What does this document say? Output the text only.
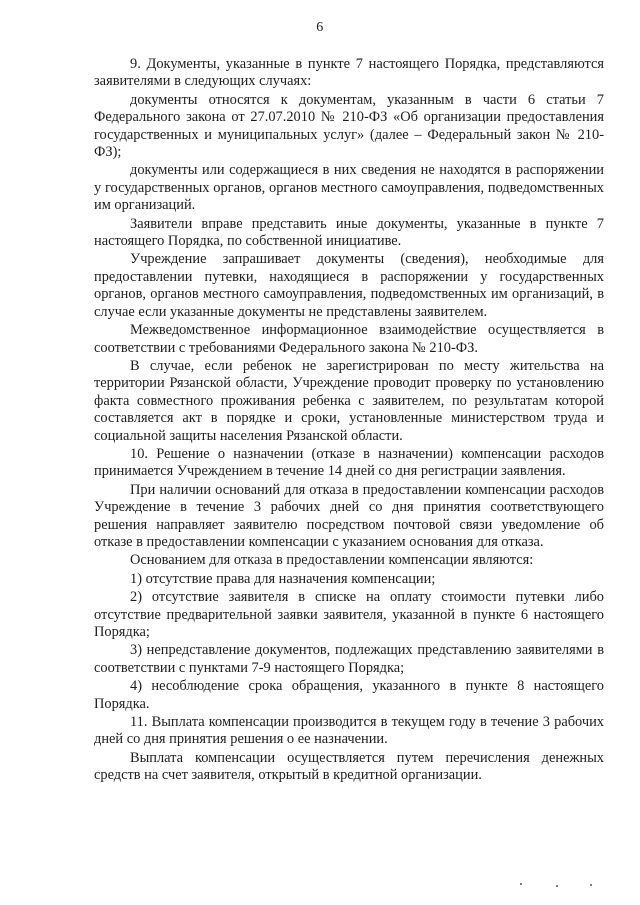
6

9. Документы, указанные в пункте 7 настоящего Порядка, представляются заявителями в следующих случаях:

документы относятся к документам, указанным в части 6 статьи 7 Федерального закона от 27.07.2010 № 210-ФЗ «Об организации предоставления государственных и муниципальных услуг» (далее – Федеральный закон № 210-ФЗ);

документы или содержащиеся в них сведения не находятся в распоряжении у государственных органов, органов местного самоуправления, подведомственных им организаций.

Заявители вправе представить иные документы, указанные в пункте 7 настоящего Порядка, по собственной инициативе.

Учреждение запрашивает документы (сведения), необходимые для предоставлении путевки, находящиеся в распоряжении у государственных органов, органов местного самоуправления, подведомственных им организаций, в случае если указанные документы не представлены заявителем.

Межведомственное информационное взаимодействие осуществляется в соответствии с требованиями Федерального закона № 210-ФЗ.

В случае, если ребенок не зарегистрирован по месту жительства на территории Рязанской области, Учреждение проводит проверку по установлению факта совместного проживания ребенка с заявителем, по результатам которой составляется акт в порядке и сроки, установленные министерством труда и социальной защиты населения Рязанской области.

10. Решение о назначении (отказе в назначении) компенсации расходов принимается Учреждением в течение 14 дней со дня регистрации заявления.

При наличии оснований для отказа в предоставлении компенсации расходов Учреждение в течение 3 рабочих дней со дня принятия соответствующего решения направляет заявителю посредством почтовой связи уведомление об отказе в предоставлении компенсации с указанием основания для отказа.

Основанием для отказа в предоставлении компенсации являются:

1) отсутствие права для назначения компенсации;

2) отсутствие заявителя в списке на оплату стоимости путевки либо отсутствие предварительной заявки заявителя, указанной в пункте 6 настоящего Порядка;

3) непредставление документов, подлежащих представлению заявителями в соответствии с пунктами 7-9 настоящего Порядка;

4) несоблюдение срока обращения, указанного в пункте 8 настоящего Порядка.

11. Выплата компенсации производится в текущем году в течение 3 рабочих дней со дня принятия решения о ее назначении.

Выплата компенсации осуществляется путем перечисления денежных средств на счет заявителя, открытый в кредитной организации.
